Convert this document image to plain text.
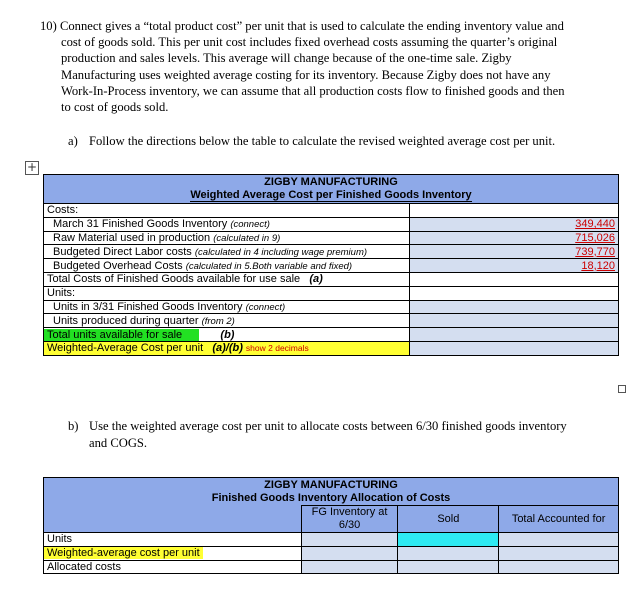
10) Connect gives a “total product cost” per unit that is used to calculate the ending inventory value and
cost of goods sold. This per unit cost includes fixed overhead costs assuming the quarter’s original
production and sales levels. This average will change because of the one-time sale. Zigby
Manufacturing uses weighted average costing for its inventory. Because Zigby does not have any
Work-In-Process inventory, we can assume that all production costs flow to finished goods and then
to cost of goods sold.
a) Follow the directions below the table to calculate the revised weighted average cost per unit.
+
ZIGBY MANUFACTURING
Weighted Average Cost per Finished Goods Inventory	
Costs:	
March 31 Finished Goods Inventory (connect)	349,440
Raw Material used in production (calculated in 9)	715,026
Budgeted Direct Labor costs (calculated in 4 including wage premium)	739,770
Budgeted Overhead Costs (calculated in 5.Both variable and fixed)	18,120
Total Costs of Finished Goods available for use sale (a)	
Units:	
Units in 3/31 Finished Goods Inventory (connect)	
Units produced during quarter (from 2)	
Total units available for sale (b)	
Weighted-Average Cost per unit (a)/(b) show 2 decimals	
b) Use the weighted average cost per unit to allocate costs between 6/30 finished goods inventory
and COGS.
ZIGBY MANUFACTURING
Finished Goods Inventory Allocation of Costs			

	FG Inventory at 6/30	Sold	Total Accounted for
Units			
Weighted-average cost per unit			
Allocated costs			
